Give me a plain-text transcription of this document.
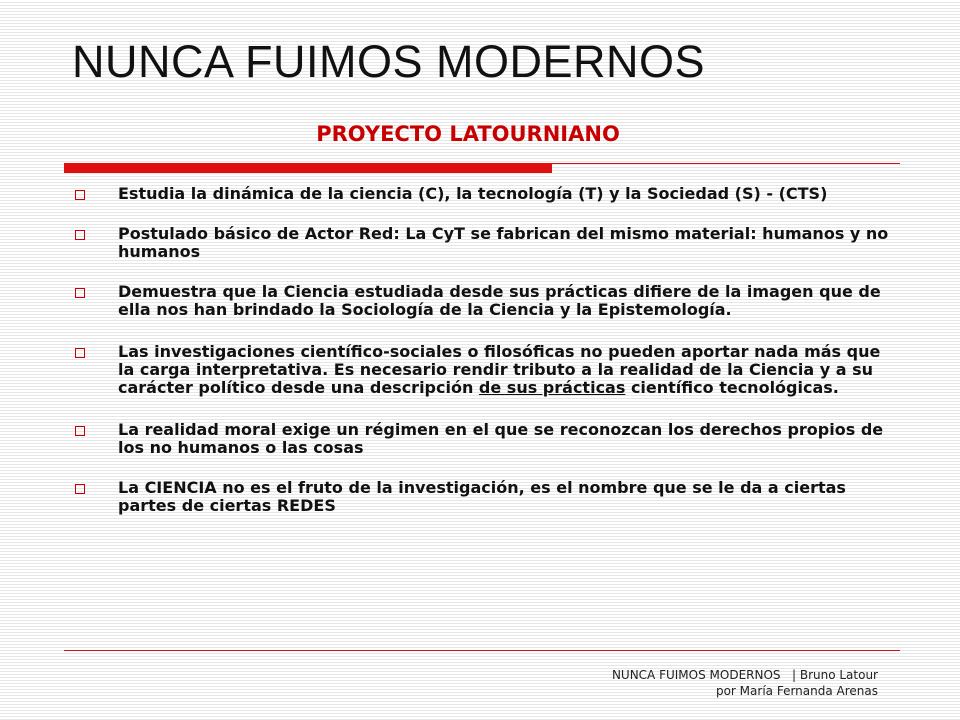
NUNCA FUIMOS MODERNOS
PROYECTO LATOURNIANO
Estudia la dinámica de la ciencia (C), la tecnología (T) y la Sociedad (S) - (CTS)
Postulado básico de Actor Red: La CyT se fabrican del mismo material: humanos y no humanos
Demuestra que la Ciencia estudiada desde sus prácticas difiere de la imagen que de ella nos han brindado la Sociología de la Ciencia y la Epistemología.
Las investigaciones científico-sociales o filosóficas no pueden aportar nada más que la carga interpretativa. Es necesario rendir tributo a la realidad de la Ciencia y a su carácter político desde una descripción de sus prácticas científico tecnológicas.
La realidad moral exige un régimen en el que se reconozcan los derechos propios de los no humanos o las cosas
La CIENCIA no es el fruto de la investigación, es el nombre que se le da a ciertas partes de ciertas REDES
NUNCA FUIMOS MODERNOS   | Bruno Latour
por María Fernanda Arenas
